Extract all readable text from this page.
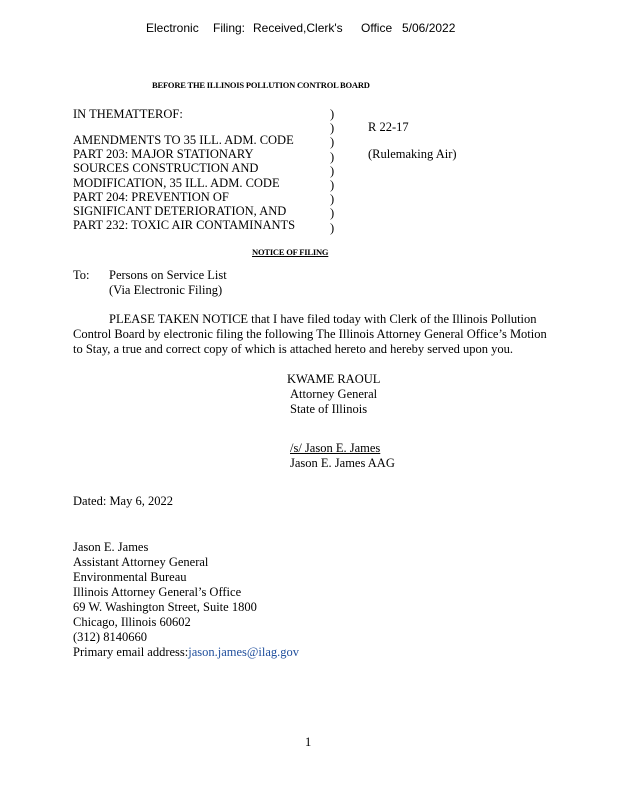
Electronic Filing: Received,Clerk's Office 5/06/2022
BEFORE THE ILLINOIS POLLUTION CONTROL BOARD
IN THEMATTEROF:
AMENDMENTS TO 35 ILL. ADM. CODE
PART 203: MAJOR STATIONARY
SOURCES CONSTRUCTION AND
MODIFICATION, 35 ILL. ADM. CODE
PART 204: PREVENTION OF
SIGNIFICANT DETERIORATION, AND
PART 232: TOXIC AIR CONTAMINANTS
)
)
)
)
)
)
)
)
)
R 22-17
(Rulemaking Air)
NOTICE OF FILING
To: Persons on Service List
(Via Electronic Filing)
PLEASE TAKEN NOTICE that I have filed today with Clerk of the Illinois Pollution
Control Board by electronic filing the following The Illinois Attorney General Office’s Motion
to Stay, a true and correct copy of which is attached hereto and hereby served upon you.
KWAME RAOUL
Attorney General
State of Illinois
/s/ Jason E. James
Jason E. James AAG
Dated: May 6, 2022
Jason E. James
Assistant Attorney General
Environmental Bureau
Illinois Attorney General’s Office
69 W. Washington Street, Suite 1800
Chicago, Illinois 60602
(312) 8140660
Primary email address:jason.james@ilag.gov
1
